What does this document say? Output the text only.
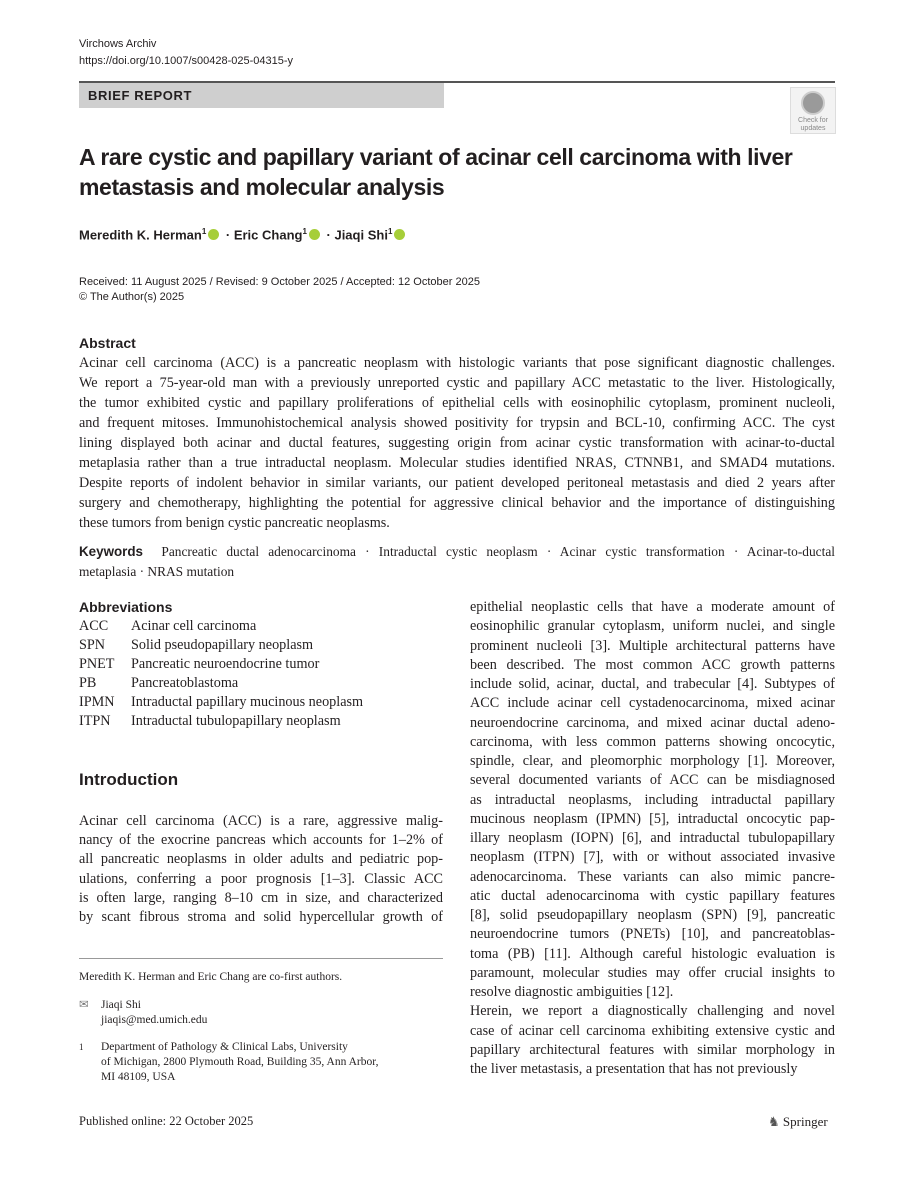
Virchows Archiv
https://doi.org/10.1007/s00428-025-04315-y
BRIEF REPORT
Check for
updates
A rare cystic and papillary variant of acinar cell carcinoma with liver
metastasis and molecular analysis
Meredith K. Herman$^1$ · Eric Chang$^1$ · Jiaqi Shi$^1$
Received: 11 August 2025 / Revised: 9 October 2025 / Accepted: 12 October 2025
© The Author(s) 2025
Abstract
Acinar cell carcinoma (ACC) is a pancreatic neoplasm with histologic variants that pose significant diagnostic challenges.
We report a 75-year-old man with a previously unreported cystic and papillary ACC metastatic to the liver. Histologically,
the tumor exhibited cystic and papillary proliferations of epithelial cells with eosinophilic cytoplasm, prominent nucleoli,
and frequent mitoses. Immunohistochemical analysis showed positivity for trypsin and BCL-10, confirming ACC. The cyst
lining displayed both acinar and ductal features, suggesting origin from acinar cystic transformation with acinar-to-ductal
metaplasia rather than a true intraductal neoplasm. Molecular studies identified NRAS, CTNNB1, and SMAD4 mutations.
Despite reports of indolent behavior in similar variants, our patient developed peritoneal metastasis and died 2 years after
surgery and chemotherapy, highlighting the potential for aggressive clinical behavior and the importance of distinguishing
these tumors from benign cystic pancreatic neoplasms.
Keywords Pancreatic ductal adenocarcinoma · Intraductal cystic neoplasm · Acinar cystic transformation · Acinar-to-ductal
metaplasia · NRAS mutation
Abbreviations
ACC	Acinar cell carcinoma
SPN	Solid pseudopapillary neoplasm
PNET	Pancreatic neuroendocrine tumor
PB	Pancreatoblastoma
IPMN	Intraductal papillary mucinous neoplasm
ITPN	Intraductal tubulopapillary neoplasm
Introduction
Acinar cell carcinoma (ACC) is a rare, aggressive malig-
nancy of the exocrine pancreas which accounts for 1–2% of
all pancreatic neoplasms in older adults and pediatric pop-
ulations, conferring a poor prognosis [1–3]. Classic ACC
is often large, ranging 8–10 cm in size, and characterized
by scant fibrous stroma and solid hypercellular growth of
epithelial neoplastic cells that have a moderate amount of
eosinophilic granular cytoplasm, uniform nuclei, and single
prominent nucleoli [3]. Multiple architectural patterns have
been described. The most common ACC growth patterns
include solid, acinar, ductal, and trabecular [4]. Subtypes of
ACC include acinar cell cystadenocarcinoma, mixed acinar
neuroendocrine carcinoma, and mixed acinar ductal adeno-
carcinoma, with less common patterns showing oncocytic,
spindle, clear, and pleomorphic morphology [1]. Moreover,
several documented variants of ACC can be misdiagnosed
as intraductal neoplasms, including intraductal papillary
mucinous neoplasm (IPMN) [5], intraductal oncocytic pap-
illary neoplasm (IOPN) [6], and intraductal tubulopapillary
neoplasm (ITPN) [7], with or without associated invasive
adenocarcinoma. These variants can also mimic pancre-
atic ductal adenocarcinoma with cystic papillary features
[8], solid pseudopapillary neoplasm (SPN) [9], pancreatic
neuroendocrine tumors (PNETs) [10], and pancreatoblas-
toma (PB) [11]. Although careful histologic evaluation is
paramount, molecular studies may offer crucial insights to
resolve diagnostic ambiguities [12].
Herein, we report a diagnostically challenging and novel
case of acinar cell carcinoma exhibiting extensive cystic and
papillary architectural features with similar morphology in
the liver metastasis, a presentation that has not previously
Meredith K. Herman and Eric Chang are co-first authors.
✉	Jiaqi Shi
jiaqis@med.umich.edu
1	Department of Pathology & Clinical Labs, University
of Michigan, 2800 Plymouth Road, Building 35, Ann Arbor,
MI 48109, USA
Published online: 22 October 2025	♞ Springer
